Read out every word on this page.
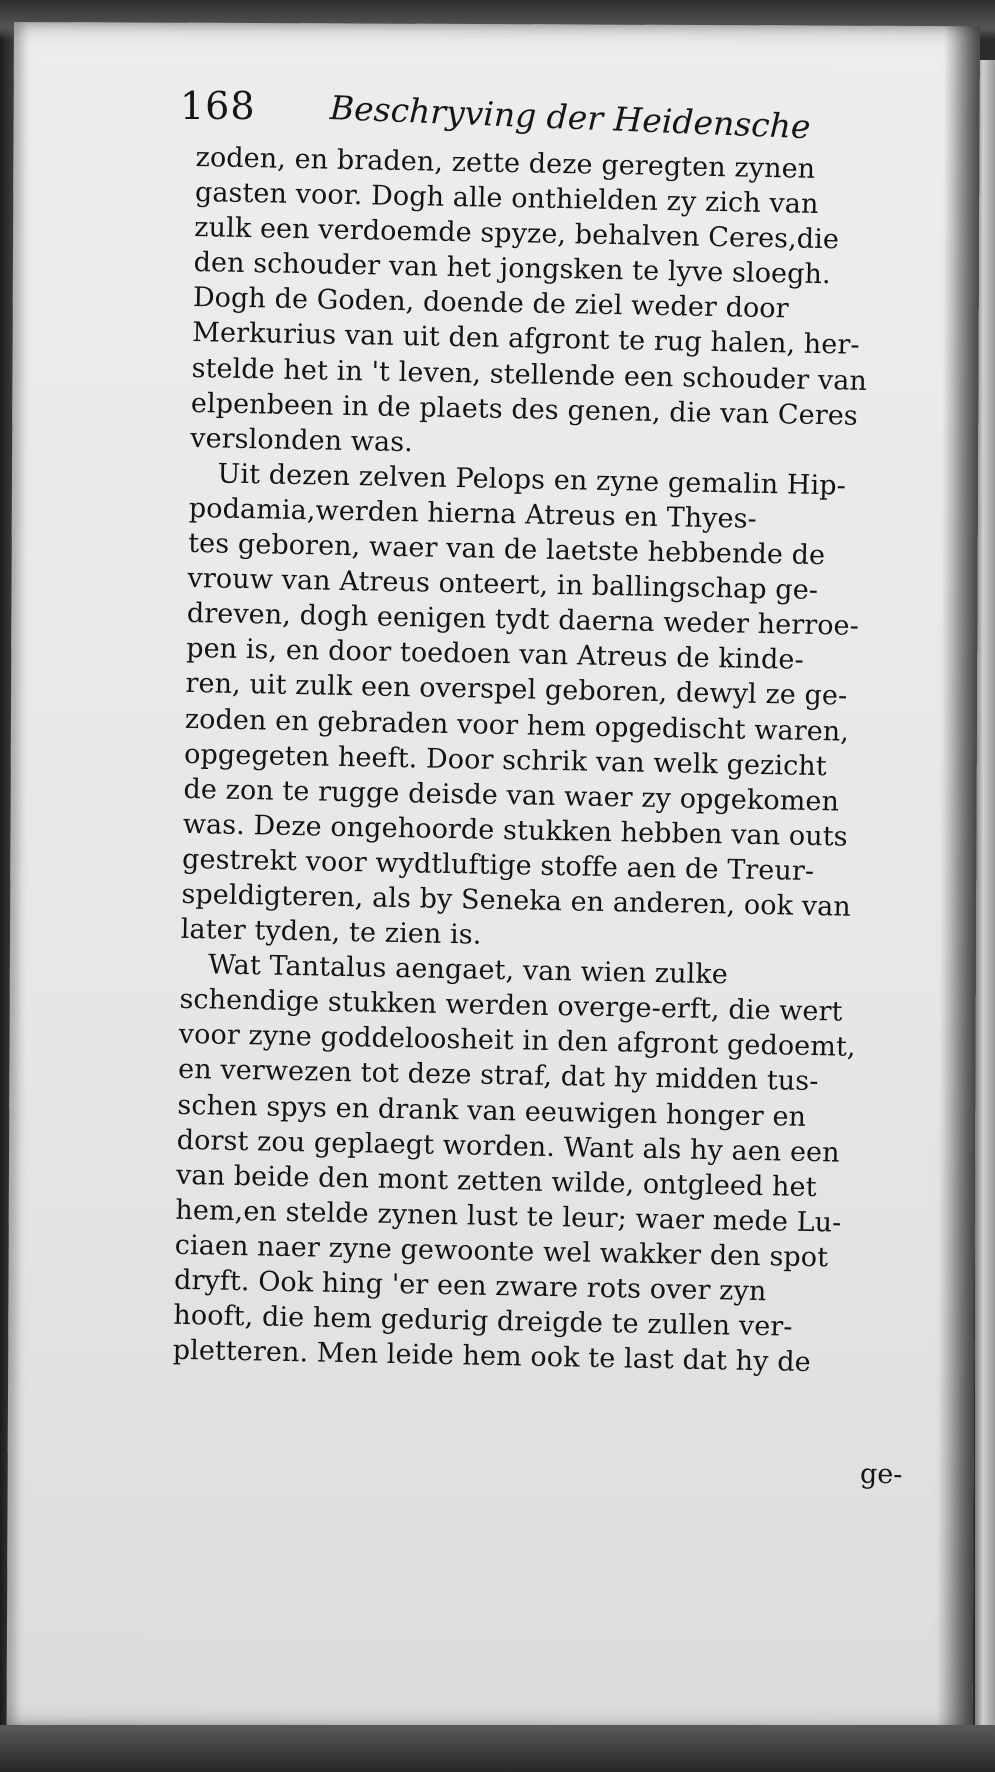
168 Beschryving der Heidensche
zoden, en braden, zette deze geregten zynen
gasten voor. Dogh alle onthielden zy zich van
zulk een verdoemde spyze, behalven Ceres,die
den schouder van het jongsken te lyve sloegh.
Dogh de Goden, doende de ziel weder door
Merkurius van uit den afgront te rug halen, her-
stelde het in 't leven, stellende een schouder van
elpenbeen in de plaets des genen, die van Ceres
verslonden was.
Uit dezen zelven Pelops en zyne gemalin Hip-
podamia,werden hierna Atreus en Thyes-
tes geboren, waer van de laetste hebbende de
vrouw van Atreus onteert, in ballingschap ge-
dreven, dogh eenigen tydt daerna weder herroe-
pen is, en door toedoen van Atreus de kinde-
ren, uit zulk een overspel geboren, dewyl ze ge-
zoden en gebraden voor hem opgedischt waren,
opgegeten heeft. Door schrik van welk gezicht
de zon te rugge deisde van waer zy opgekomen
was. Deze ongehoorde stukken hebben van outs
gestrekt voor wydtluftige stoffe aen de Treur-
speldigteren, als by Seneka en anderen, ook van
later tyden, te zien is.
Wat Tantalus aengaet, van wien zulke
schendige stukken werden overge-erft, die wert
voor zyne goddeloosheit in den afgront gedoemt,
en verwezen tot deze straf, dat hy midden tus-
schen spys en drank van eeuwigen honger en
dorst zou geplaegt worden. Want als hy aen een
van beide den mont zetten wilde, ontgleed het
hem,en stelde zynen lust te leur; waer mede Lu-
ciaen naer zyne gewoonte wel wakker den spot
dryft. Ook hing 'er een zware rots over zyn
hooft, die hem gedurig dreigde te zullen ver-
pletteren. Men leide hem ook te last dat hy de
ge-
